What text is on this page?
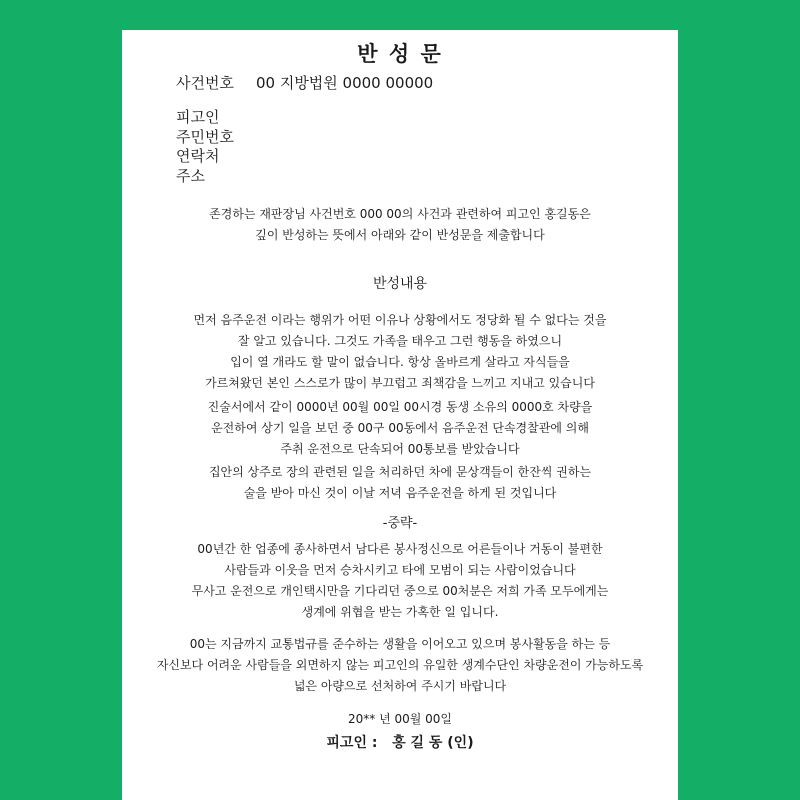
반 성 문
사건번호 00 지방법원 0000 00000
피고인
주민번호
연락처
주소
존경하는 재판장님 사건번호 000 00의 사건과 관련하여 피고인 홍길동은
깊이 반성하는 뜻에서 아래와 같이 반성문을 제출합니다
반성내용
먼저 음주운전 이라는 행위가 어떤 이유나 상황에서도 정당화 될 수 없다는 것을
잘 알고 있습니다. 그것도 가족을 태우고 그런 행동을 하였으니
입이 열 개라도 할 말이 없습니다. 항상 올바르게 살라고 자식들을
가르쳐왔던 본인 스스로가 많이 부끄럽고 죄책감을 느끼고 지내고 있습니다
진술서에서 같이 0000년 00월 00일 00시경 동생 소유의 0000호 차량을
운전하여 상기 일을 보던 중 00구 00동에서 음주운전 단속경찰관에 의해
주취 운전으로 단속되어 00통보를 받았습니다
집안의 상주로 장의 관련된 일을 처리하던 차에 문상객들이 한잔씩 권하는
술을 받아 마신 것이 이날 저녁 음주운전을 하게 된 것입니다
-중략-
00년간 한 업종에 종사하면서 남다른 봉사정신으로 어른들이나 거동이 불편한
사람들과 이웃을 먼저 승차시키고 타에 모범이 되는 사람이었습니다
무사고 운전으로 개인택시만을 기다리던 중으로 00처분은 저희 가족 모두에게는
생계에 위협을 받는 가혹한 일 입니다.
00는 지금까지 교통법규를 준수하는 생활을 이어오고 있으며 봉사활동을 하는 등
자신보다 어려운 사람들을 외면하지 않는 피고인의 유일한 생계수단인 차량운전이 가능하도록
넓은 아량으로 선처하여 주시기 바랍니다
20** 년 00월 00일
피고인 :   홍 길 동 (인)
